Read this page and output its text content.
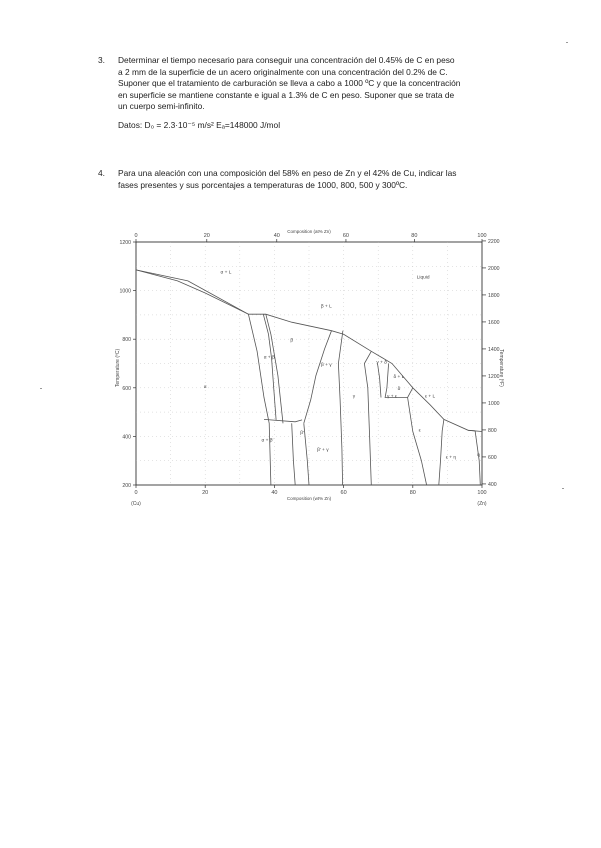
3. Determinar el tiempo necesario para conseguir una concentración del 0.45% de C en peso

a 2 mm de la superficie de un acero originalmente con una concentración del 0.2% de C.

Suponer que el tratamiento de carburación se lleva a cabo a 1000 ºC y que la concentración

en superficie se mantiene constante e igual a 1.3% de C en peso. Suponer que se trata de

un cuerpo semi-infinito.

Datos: D₀ = 2.3·10⁻⁵ m/s² Eₐ=148000 J/mol

4. Para una aleación con una composición del 58% en peso de Zn y el 42% de Cu, indicar las

fases presentes y sus porcentajes a temperaturas de 1000, 800, 500 y 300ºC.

0	20	40	60	80	100
0	20	40	60	80	100
200
400
600
800
1000
1200
400
600
800
1000
1200
1400
1600
1800
2000
2200
Liquid
α + L
β + L
α
α + β
β
β + γ
γ
γ + δ
δ + L
δ
γ + ε	ε + L
ε
ε + η
β′
α + β′
β′ + γ
η
Composition (at% Zn)
Composition (wt% Zn)
Temperature (ºC)	Temperature (ºF)
(Cu)	(Zn)
